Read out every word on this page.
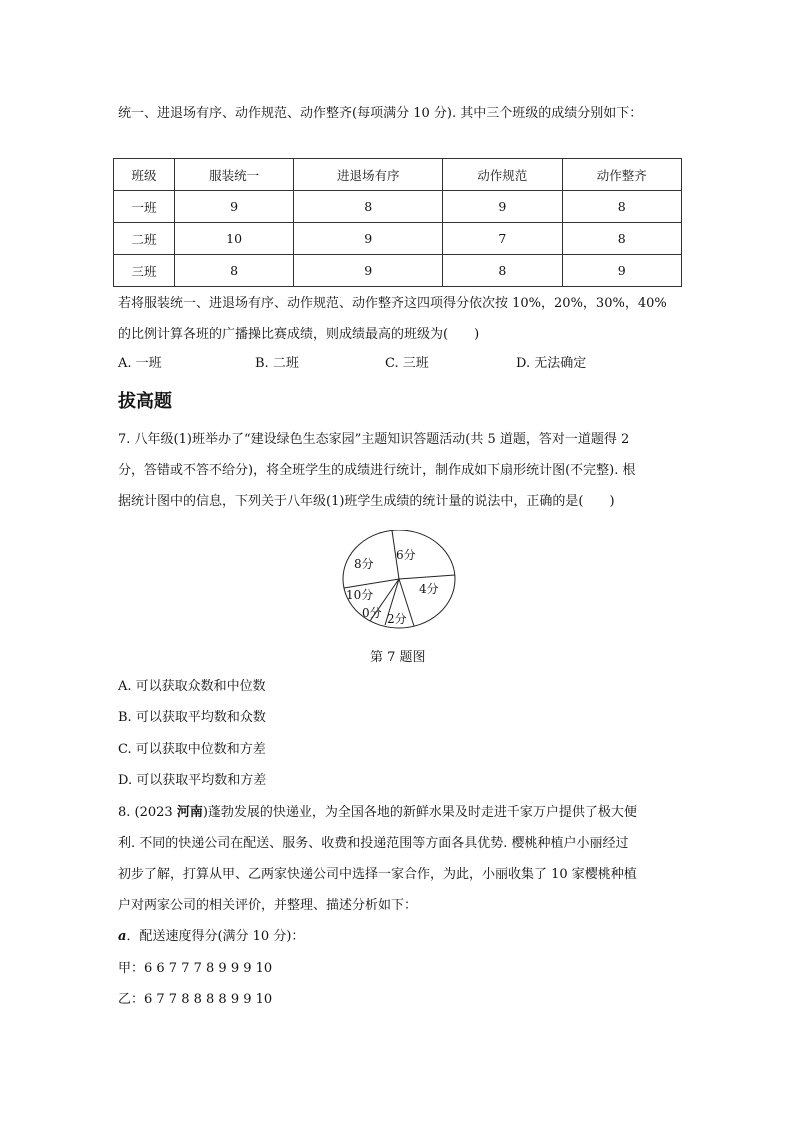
统一、进退场有序、动作规范、动作整齐(每项满分 10 分). 其中三个班级的成绩分别如下：
班级	服装统一	进退场有序	动作规范	动作整齐
一班	9	8	9	8
二班	10	9	7	8
三班	8	9	8	9
若将服装统一、进退场有序、动作规范、动作整齐这四项得分依次按 10%，20%，30%，40%
的比例计算各班的广播操比赛成绩，则成绩最高的班级为(　　)
A. 一班	B. 二班	C. 三班	D. 无法确定
拔高题
7. 八年级(1)班举办了“建设绿色生态家园”主题知识答题活动(共 5 道题，答对一道题得 2
分，答错或不答不给分)，将全班学生的成绩进行统计，制作成如下扇形统计图(不完整). 根
据统计图中的信息，下列关于八年级(1)班学生成绩的统计量的说法中，正确的是(　　)
6分
4分
2分
0分
10分
8分
第 7 题图
A. 可以获取众数和中位数
B. 可以获取平均数和众数
C. 可以获取中位数和方差
D. 可以获取平均数和方差
8. (2023 河南)蓬勃发展的快递业，为全国各地的新鲜水果及时走进千家万户提供了极大便
利. 不同的快递公司在配送、服务、收费和投递范围等方面各具优势. 樱桃种植户小丽经过
初步了解，打算从甲、乙两家快递公司中选择一家合作，为此，小丽收集了 10 家樱桃种植
户对两家公司的相关评价，并整理、描述分析如下：
a．配送速度得分(满分 10 分)：
甲：6 6 7 7 7 8 9 9 9 10
乙：6 7 7 8 8 8 8 9 9 10
